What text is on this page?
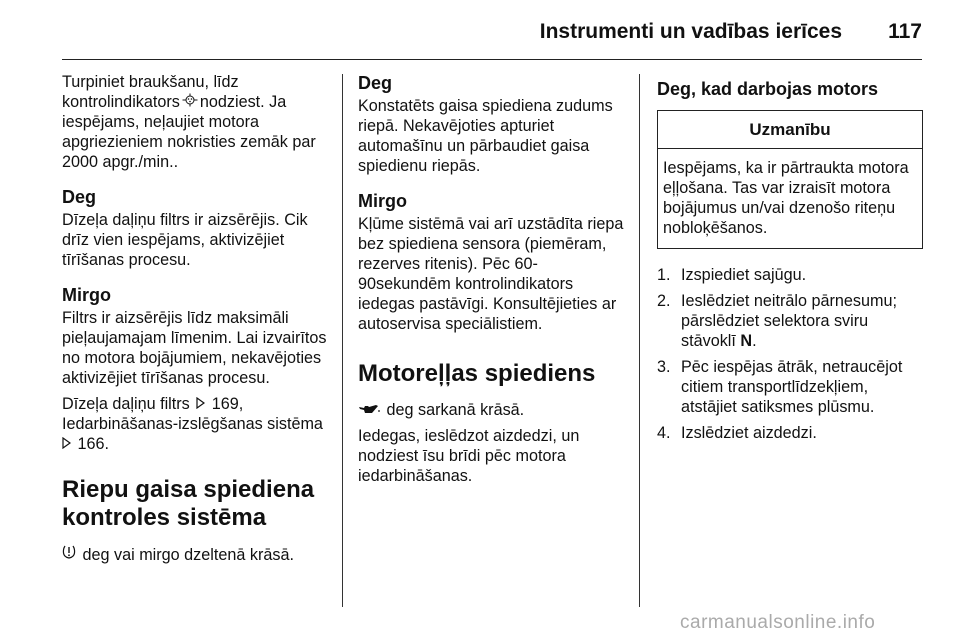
Instrumenti un vadības ierīces 117

Turpiniet braukšanu, līdz kontrolindikators nodziest. Ja iespējams, neļaujiet motora apgriezieniem nokristies zemāk par 2000 apgr./min..

Deg

Dīzeļa daļiņu filtrs ir aizsērējis. Cik drīz vien iespējams, aktivizējiet tīrīšanas procesu.

Mirgo

Filtrs ir aizsērējis līdz maksimāli pieļaujamajam līmenim. Lai izvairītos no motora bojājumiem, nekavējoties aktivizējiet tīrīšanas procesu.

Dīzeļa daļiņu filtrs 169,
Iedarbināšanas-izslēgšanas sistēma
166.

Riepu gaisa spiediena kontroles sistēma

deg vai mirgo dzeltenā krāsā.

Deg

Konstatēts gaisa spiediena zudums riepā. Nekavējoties apturiet automašīnu un pārbaudiet gaisa spiedienu riepās.

Mirgo

Kļūme sistēmā vai arī uzstādīta riepa bez spiediena sensora (piemēram, rezerves ritenis). Pēc 60-90sekundēm kontrolindikators iedegas pastāvīgi. Konsultējieties ar autoservisa speciālistiem.

Motoreļļas spiediens

deg sarkanā krāsā.

Iedegas, ieslēdzot aizdedzi, un nodziest īsu brīdi pēc motora iedarbināšanas.

Deg, kad darbojas motors
Uzmanību
Iespējams, ka ir pārtraukta motora eļļošana. Tas var izraisīt motora bojājumus un/vai dzenošo riteņu nobloķēšanos.
1. Izspiediet sajūgu.
2. Ieslēdziet neitrālo pārnesumu; pārslēdziet selektora sviru stāvoklī N.
3. Pēc iespējas ātrāk, netraucējot citiem transportlīdzekļiem, atstājiet satiksmes plūsmu.
4. Izslēdziet aizdedzi.
carmanualsonline.info
